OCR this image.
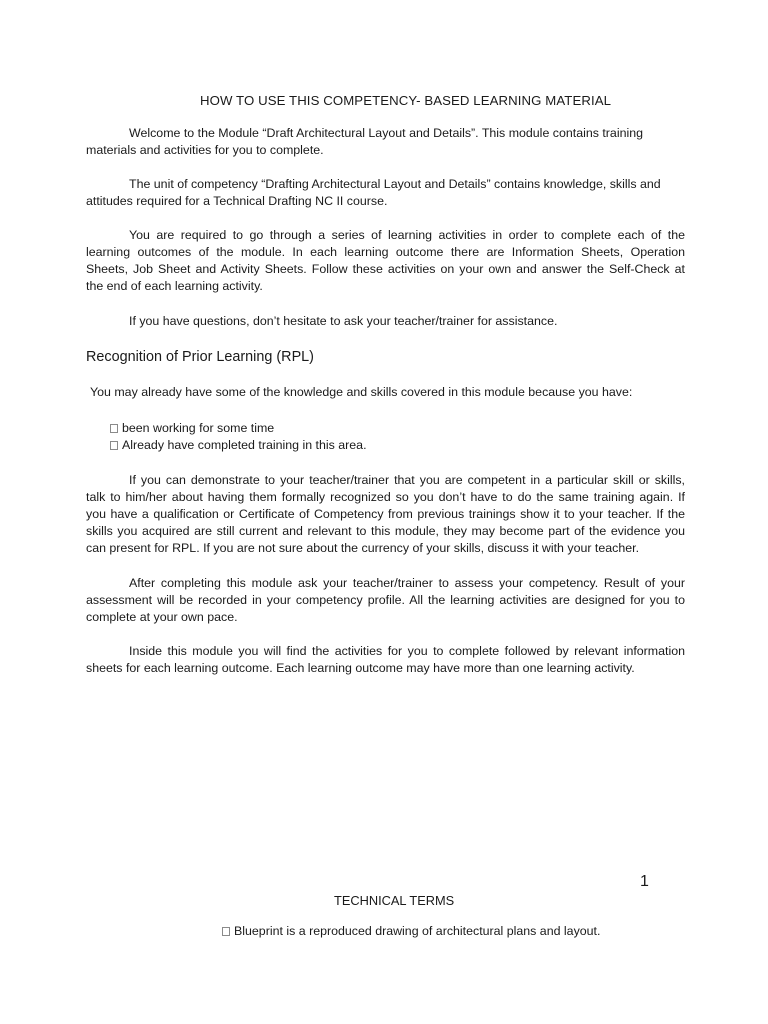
HOW TO USE THIS COMPETENCY- BASED LEARNING MATERIAL

Welcome to the Module “Draft Architectural Layout and Details”. This module contains training
materials and activities for you to complete.

The unit of competency “Drafting Architectural Layout and Details” contains knowledge, skills and
attitudes required for a Technical Drafting NC II course.

You are required to go through a series of learning activities in order to complete each of the
learning outcomes of the module. In each learning outcome there are Information Sheets, Operation
Sheets, Job Sheet and Activity Sheets. Follow these activities on your own and answer the Self-Check at
the end of each learning activity.

If you have questions, don’t hesitate to ask your teacher/trainer for assistance.

Recognition of Prior Learning (RPL)

You may already have some of the knowledge and skills covered in this module because you have:

been working for some time

Already have completed training in this area.

If you can demonstrate to your teacher/trainer that you are competent in a particular skill or skills,
talk to him/her about having them formally recognized so you don’t have to do the same training again. If
you have a qualification or Certificate of Competency from previous trainings show it to your teacher. If the
skills you acquired are still current and relevant to this module, they may become part of the evidence you
can present for RPL. If you are not sure about the currency of your skills, discuss it with your teacher.

After completing this module ask your teacher/trainer to assess your competency. Result of your
assessment will be recorded in your competency profile. All the learning activities are designed for you to
complete at your own pace.

Inside this module you will find the activities for you to complete followed by relevant information
sheets for each learning outcome. Each learning outcome may have more than one learning activity.

1

TECHNICAL TERMS

Blueprint is a reproduced drawing of architectural plans and layout.
